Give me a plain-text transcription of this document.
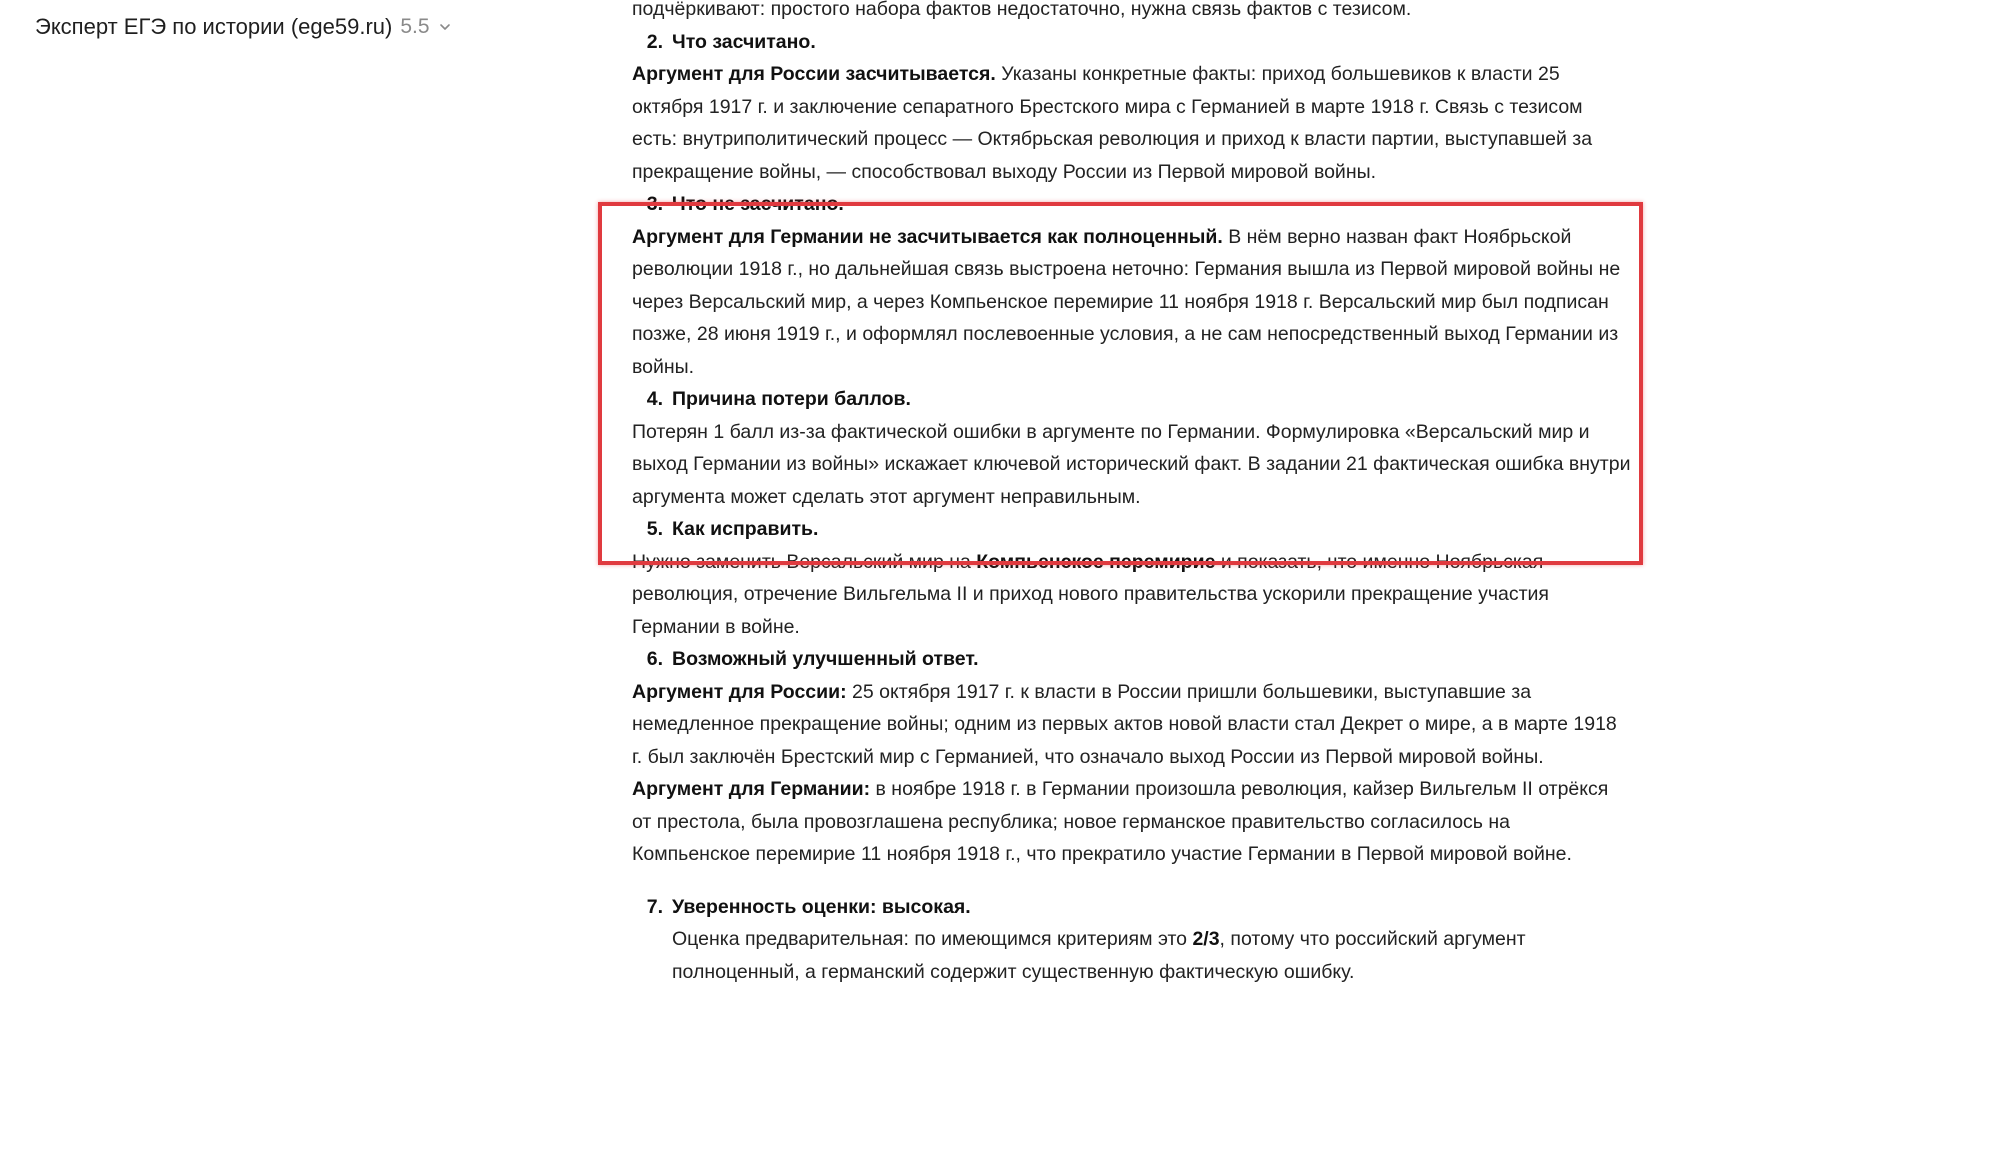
Эксперт ЕГЭ по истории (ege59.ru) 5.5

подчёркивают: простого набора фактов недостаточно, нужна связь фактов с тезисом.

2. Что засчитано.

Аргумент для России засчитывается. Указаны конкретные факты: приход большевиков к власти 25 октября 1917 г. и заключение сепаратного Брестского мира с Германией в марте 1918 г. Связь с тезисом есть: внутриполитический процесс — Октябрьская революция и приход к власти партии, выступавшей за прекращение войны, — способствовал выходу России из Первой мировой войны.

3. Что не засчитано.

Аргумент для Германии не засчитывается как полноценный. В нём верно назван факт Ноябрьской революции 1918 г., но дальнейшая связь выстроена неточно: Германия вышла из Первой мировой войны не через Версальский мир, а через Компьенское перемирие 11 ноября 1918 г. Версальский мир был подписан позже, 28 июня 1919 г., и оформлял послевоенные условия, а не сам непосредственный выход Германии из войны.

4. Причина потери баллов.

Потерян 1 балл из-за фактической ошибки в аргументе по Германии. Формулировка «Версальский мир и выход Германии из войны» искажает ключевой исторический факт. В задании 21 фактическая ошибка внутри аргумента может сделать этот аргумент неправильным.

5. Как исправить.

Нужно заменить Версальский мир на Компьенское перемирие и показать, что именно Ноябрьская революция, отречение Вильгельма II и приход нового правительства ускорили прекращение участия Германии в войне.

6. Возможный улучшенный ответ.

Аргумент для России: 25 октября 1917 г. к власти в России пришли большевики, выступавшие за немедленное прекращение войны; одним из первых актов новой власти стал Декрет о мире, а в марте 1918 г. был заключён Брестский мир с Германией, что означало выход России из Первой мировой войны.

Аргумент для Германии: в ноябре 1918 г. в Германии произошла революция, кайзер Вильгельм II отрёкся от престола, была провозглашена республика; новое германское правительство согласилось на Компьенское перемирие 11 ноября 1918 г., что прекратило участие Германии в Первой мировой войне.

7. Уверенность оценки: высокая.

Оценка предварительная: по имеющимся критериям это 2/3, потому что российский аргумент полноценный, а германский содержит существенную фактическую ошибку.
